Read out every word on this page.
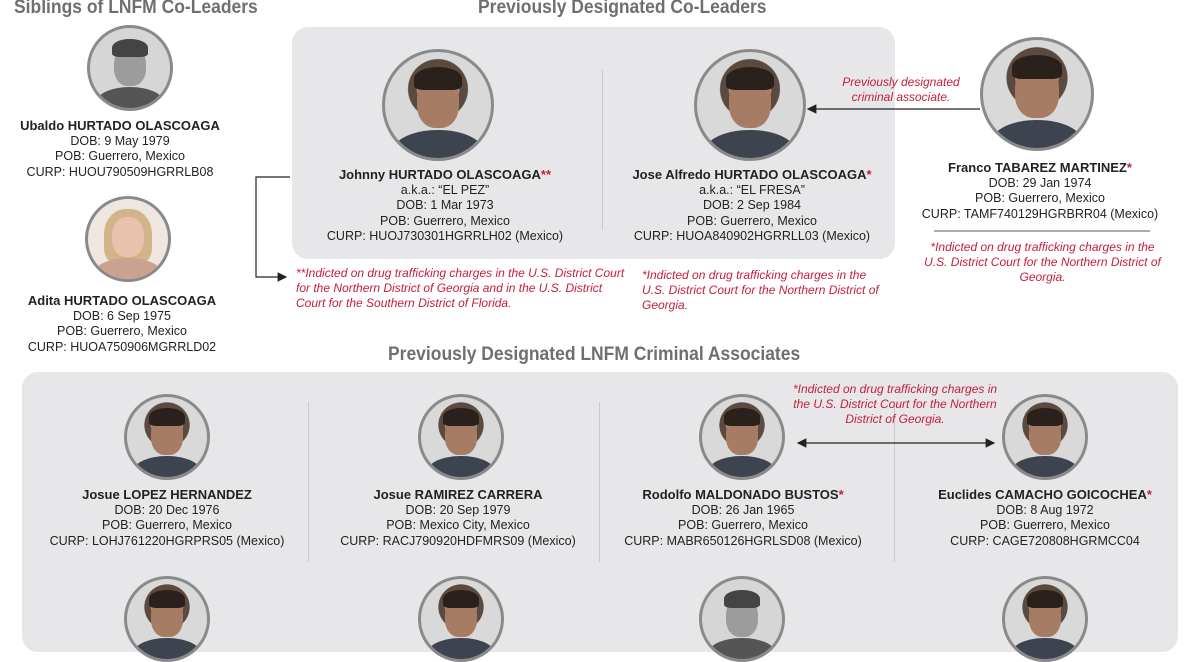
Siblings of LNFM Co-Leaders	Previously Designated Co-Leaders
Previously Designated LNFM Criminal Associates
Ubaldo HURTADO OLASCOAGA
DOB: 9 May 1979
POB: Guerrero, Mexico
CURP: HUOU790509HGRRLB08
Adita HURTADO OLASCOAGA
DOB: 6 Sep 1975
POB: Guerrero, Mexico
CURP: HUOA750906MGRRLD02
Johnny HURTADO OLASCOAGA**
a.k.a.: “EL PEZ”
DOB: 1 Mar 1973
POB: Guerrero, Mexico
CURP: HUOJ730301HGRRLH02 (Mexico)
Jose Alfredo HURTADO OLASCOAGA*
a.k.a.: “EL FRESA”
DOB: 2 Sep 1984
POB: Guerrero, Mexico
CURP: HUOA840902HGRRLL03 (Mexico)
Franco TABAREZ MARTINEZ*
DOB: 29 Jan 1974
POB: Guerrero, Mexico
CURP: TAMF740129HGRBRR04 (Mexico)
Previously designated criminal associate.
**Indicted on drug trafficking charges in the U.S. District Court for the Northern District of Georgia and in the U.S. District Court for the Southern District of Florida.
*Indicted on drug trafficking charges in the U.S. District Court for the Northern District of Georgia.
*Indicted on drug trafficking charges in the U.S. District Court for the Northern District of Georgia.
*Indicted on drug trafficking charges in the U.S. District Court for the Northern District of Georgia.
Josue LOPEZ HERNANDEZ
DOB: 20 Dec 1976
POB: Guerrero, Mexico
CURP: LOHJ761220HGRPRS05 (Mexico)
Josue RAMIREZ CARRERA
DOB: 20 Sep 1979
POB: Mexico City, Mexico
CURP: RACJ790920HDFMRS09 (Mexico)
Rodolfo MALDONADO BUSTOS*
DOB: 26 Jan 1965
POB: Guerrero, Mexico
CURP: MABR650126HGRLSD08 (Mexico)
Euclides CAMACHO GOICOCHEA*
DOB: 8 Aug 1972
POB: Guerrero, Mexico
CURP: CAGE720808HGRMCC04
